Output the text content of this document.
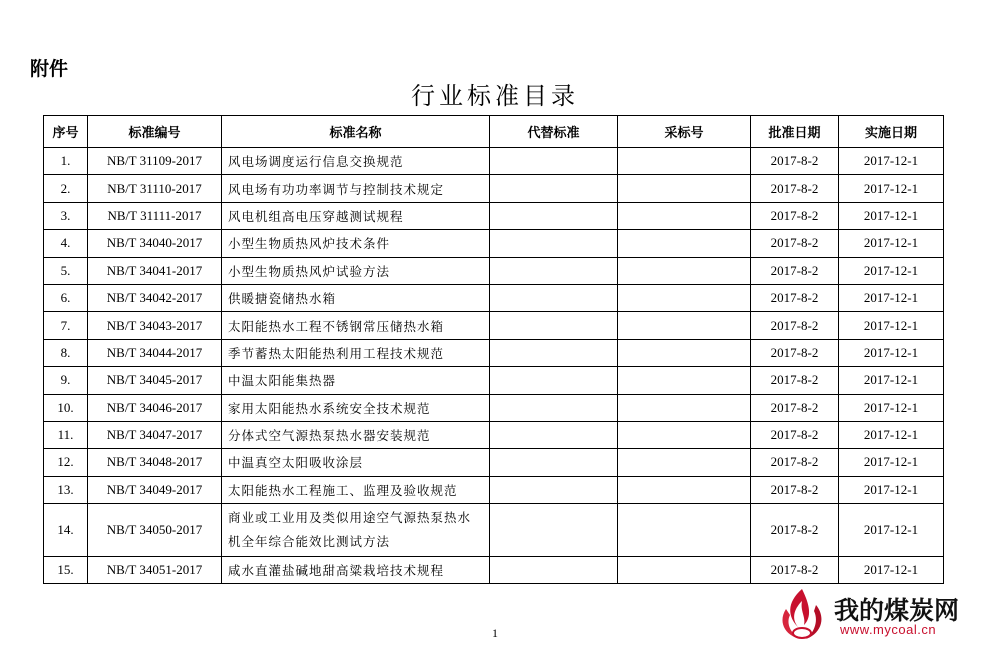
附件
行业标准目录
序号	标准编号	标准名称	代替标准	采标号	批准日期	实施日期
1.	NB/T 31109-2017	风电场调度运行信息交换规范			2017-8-2	2017-12-1
2.	NB/T 31110-2017	风电场有功功率调节与控制技术规定			2017-8-2	2017-12-1
3.	NB/T 31111-2017	风电机组高电压穿越测试规程			2017-8-2	2017-12-1
4.	NB/T 34040-2017	小型生物质热风炉技术条件			2017-8-2	2017-12-1
5.	NB/T 34041-2017	小型生物质热风炉试验方法			2017-8-2	2017-12-1
6.	NB/T 34042-2017	供暖搪瓷储热水箱			2017-8-2	2017-12-1
7.	NB/T 34043-2017	太阳能热水工程不锈钢常压储热水箱			2017-8-2	2017-12-1
8.	NB/T 34044-2017	季节蓄热太阳能热利用工程技术规范			2017-8-2	2017-12-1
9.	NB/T 34045-2017	中温太阳能集热器			2017-8-2	2017-12-1
10.	NB/T 34046-2017	家用太阳能热水系统安全技术规范			2017-8-2	2017-12-1
11.	NB/T 34047-2017	分体式空气源热泵热水器安装规范			2017-8-2	2017-12-1
12.	NB/T 34048-2017	中温真空太阳吸收涂层			2017-8-2	2017-12-1
13.	NB/T 34049-2017	太阳能热水工程施工、监理及验收规范			2017-8-2	2017-12-1
14.	NB/T 34050-2017	商业或工业用及类似用途空气源热泵热水机全年综合能效比测试方法			2017-8-2	2017-12-1
15.	NB/T 34051-2017	咸水直灌盐碱地甜高粱栽培技术规程			2017-8-2	2017-12-1
1
我的煤炭网
www.mycoal.cn
